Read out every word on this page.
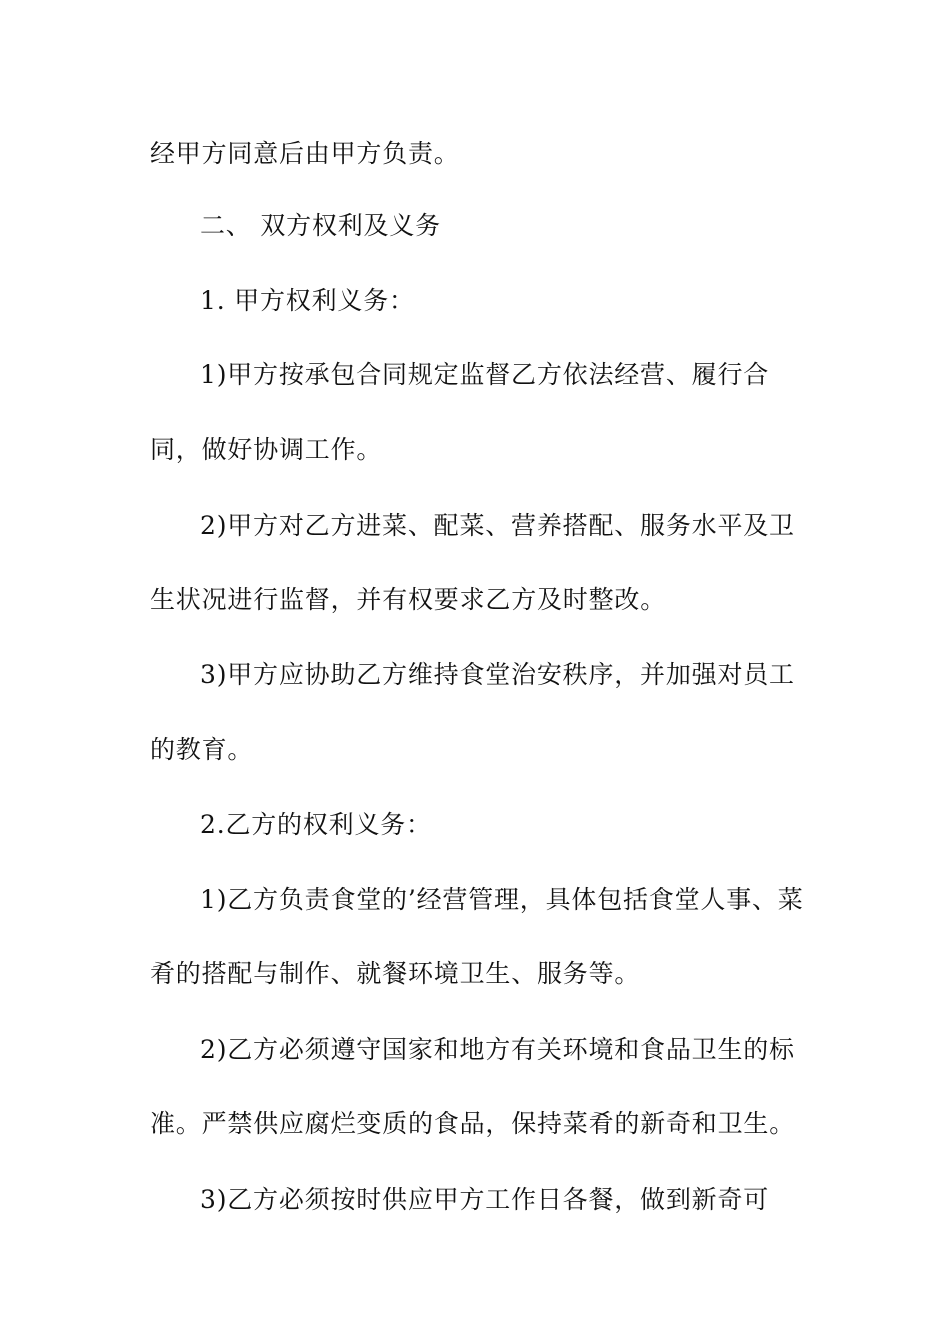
经甲方同意后由甲方负责。
二、 双方权利及义务
1. 甲方权利义务：
1)甲方按承包合同规定监督乙方依法经营、履行合
同，做好协调工作。
2)甲方对乙方进菜、配菜、营养搭配、服务水平及卫
生状况进行监督，并有权要求乙方及时整改。
3)甲方应协助乙方维持食堂治安秩序，并加强对员工
的教育。
2.乙方的权利义务：
1)乙方负责食堂的’经营管理，具体包括食堂人事、菜
肴的搭配与制作、就餐环境卫生、服务等。
2)乙方必须遵守国家和地方有关环境和食品卫生的标
准。严禁供应腐烂变质的食品，保持菜肴的新奇和卫生。
3)乙方必须按时供应甲方工作日各餐，做到新奇可
